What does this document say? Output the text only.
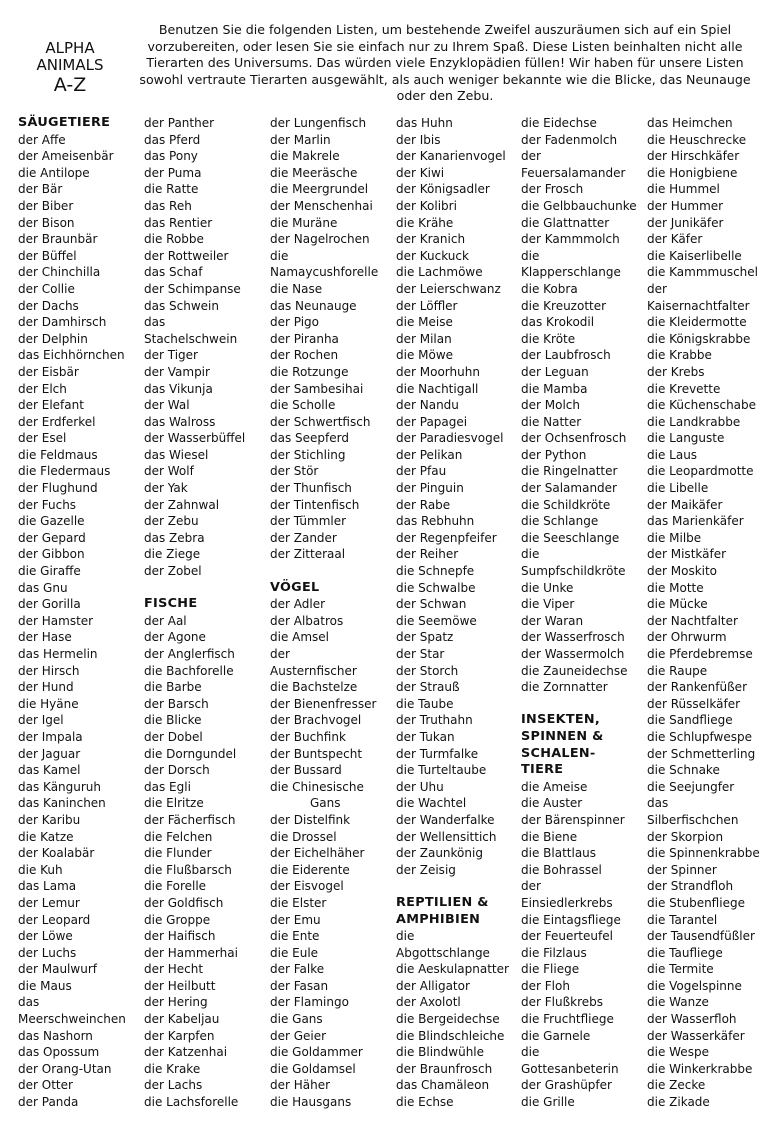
ALPHA
ANIMALS
A-Z
Benutzen Sie die folgenden Listen, um bestehende Zweifel auszuräumen sich auf ein Spiel vorzubereiten, oder lesen Sie sie einfach nur zu Ihrem Spaß. Diese Listen beinhalten nicht alle Tierarten des Universums. Das würden viele Enzyklopädien füllen! Wir haben für unsere Listen sowohl vertraute Tierarten ausgewählt, als auch weniger bekannte wie die Blicke, das Neunauge oder den Zebu.
SÄUGETIERE
der Affe
der Ameisenbär
die Antilope
der Bär
der Biber
der Bison
der Braunbär
der Büffel
der Chinchilla
der Collie
der Dachs
der Damhirsch
der Delphin
das Eichhörnchen
der Eisbär
der Elch
der Elefant
der Erdferkel
der Esel
die Feldmaus
die Fledermaus
der Flughund
der Fuchs
die Gazelle
der Gepard
der Gibbon
die Giraffe
das Gnu
der Gorilla
der Hamster
der Hase
das Hermelin
der Hirsch
der Hund
die Hyäne
der Igel
der Impala
der Jaguar
das Kamel
das Känguruh
das Kaninchen
der Karibu
die Katze
der Koalabär
die Kuh
das Lama
der Lemur
der Leopard
der Löwe
der Luchs
der Maulwurf
die Maus
das
Meerschweinchen
das Nashorn
das Opossum
der Orang-Utan
der Otter
der Panda
der Panther
das Pferd
das Pony
der Puma
die Ratte
das Reh
das Rentier
die Robbe
der Rottweiler
das Schaf
der Schimpanse
das Schwein
das
Stachelschwein
der Tiger
der Vampir
das Vikunja
der Wal
das Walross
der Wasserbüffel
das Wiesel
der Wolf
der Yak
der Zahnwal
der Zebu
das Zebra
die Ziege
der Zobel
FISCHE
der Aal
der Agone
der Anglerfisch
die Bachforelle
die Barbe
der Barsch
die Blicke
der Dobel
die Dorngundel
der Dorsch
das Egli
die Elritze
der Fächerfisch
die Felchen
die Flunder
die Flußbarsch
die Forelle
der Goldfisch
die Groppe
der Haifisch
der Hammerhai
der Hecht
der Heilbutt
der Hering
der Kabeljau
der Karpfen
der Katzenhai
die Krake
der Lachs
die Lachsforelle
der Lungenfisch
der Marlin
die Makrele
die Meeräsche
die Meergrundel
der Menschenhai
die Muräne
der Nagelrochen
die
Namaycushforelle
die Nase
das Neunauge
der Pigo
der Piranha
der Rochen
die Rotzunge
der Sambesihai
die Scholle
der Schwertfisch
das Seepferd
der Stichling
der Stör
der Thunfisch
der Tintenfisch
der Tümmler
der Zander
der Zitteraal
VÖGEL
der Adler
der Albatros
die Amsel
der
Austernfischer
die Bachstelze
der Bienenfresser
der Brachvogel
der Buchfink
der Buntspecht
der Bussard
die Chinesische
Gans
der Distelfink
die Drossel
der Eichelhäher
die Eiderente
der Eisvogel
die Elster
der Emu
die Ente
die Eule
der Falke
der Fasan
der Flamingo
die Gans
der Geier
die Goldammer
die Goldamsel
der Häher
die Hausgans
das Huhn
der Ibis
der Kanarienvogel
der Kiwi
der Königsadler
der Kolibri
die Krähe
der Kranich
der Kuckuck
die Lachmöwe
der Leierschwanz
der Löffler
die Meise
der Milan
die Möwe
der Moorhuhn
die Nachtigall
der Nandu
der Papagei
der Paradiesvogel
der Pelikan
der Pfau
der Pinguin
der Rabe
das Rebhuhn
der Regenpfeifer
der Reiher
die Schnepfe
die Schwalbe
der Schwan
die Seemöwe
der Spatz
der Star
der Storch
der Strauß
die Taube
der Truthahn
der Tukan
der Turmfalke
die Turteltaube
der Uhu
die Wachtel
der Wanderfalke
der Wellensittich
der Zaunkönig
der Zeisig
REPTILIEN &
AMPHIBIEN
die
Abgottschlange
die Aeskulapnatter
der Alligator
der Axolotl
die Bergeidechse
die Blindschleiche
die Blindwühle
der Braunfrosch
das Chamäleon
die Echse
die Eidechse
der Fadenmolch
der
Feuersalamander
der Frosch
die Gelbbauchunke
die Glattnatter
der Kammmolch
die
Klapperschlange
die Kobra
die Kreuzotter
das Krokodil
die Kröte
der Laubfrosch
der Leguan
die Mamba
der Molch
die Natter
der Ochsenfrosch
der Python
die Ringelnatter
der Salamander
die Schildkröte
die Schlange
die Seeschlange
die
Sumpfschildkröte
die Unke
die Viper
der Waran
der Wasserfrosch
der Wassermolch
die Zauneidechse
die Zornnatter
INSEKTEN,
SPINNEN &
SCHALEN-
TIERE
die Ameise
die Auster
der Bärenspinner
die Biene
die Blattlaus
die Bohrassel
der
Einsiedlerkrebs
die Eintagsfliege
der Feuerteufel
die Filzlaus
die Fliege
der Floh
der Flußkrebs
die Fruchtfliege
die Garnele
die
Gottesanbeterin
der Grashüpfer
die Grille
das Heimchen
die Heuschrecke
der Hirschkäfer
die Honigbiene
die Hummel
der Hummer
der Junikäfer
der Käfer
die Kaiserlibelle
die Kammmuschel
der
Kaisernachtfalter
die Kleidermotte
die Königskrabbe
die Krabbe
der Krebs
die Krevette
die Küchenschabe
die Landkrabbe
die Languste
die Laus
die Leopardmotte
die Libelle
der Maikäfer
das Marienkäfer
die Milbe
der Mistkäfer
der Moskito
die Motte
die Mücke
der Nachtfalter
der Ohrwurm
die Pferdebremse
die Raupe
der Rankenfüßer
der Rüsselkäfer
die Sandfliege
die Schlupfwespe
der Schmetterling
die Schnake
die Seejungfer
das
Silberfischchen
der Skorpion
die Spinnenkrabbe
der Spinner
der Strandfloh
die Stubenfliege
die Tarantel
der Tausendfüßler
die Taufliege
die Termite
die Vogelspinne
die Wanze
der Wasserfloh
der Wasserkäfer
die Wespe
die Winkerkrabbe
die Zecke
die Zikade
